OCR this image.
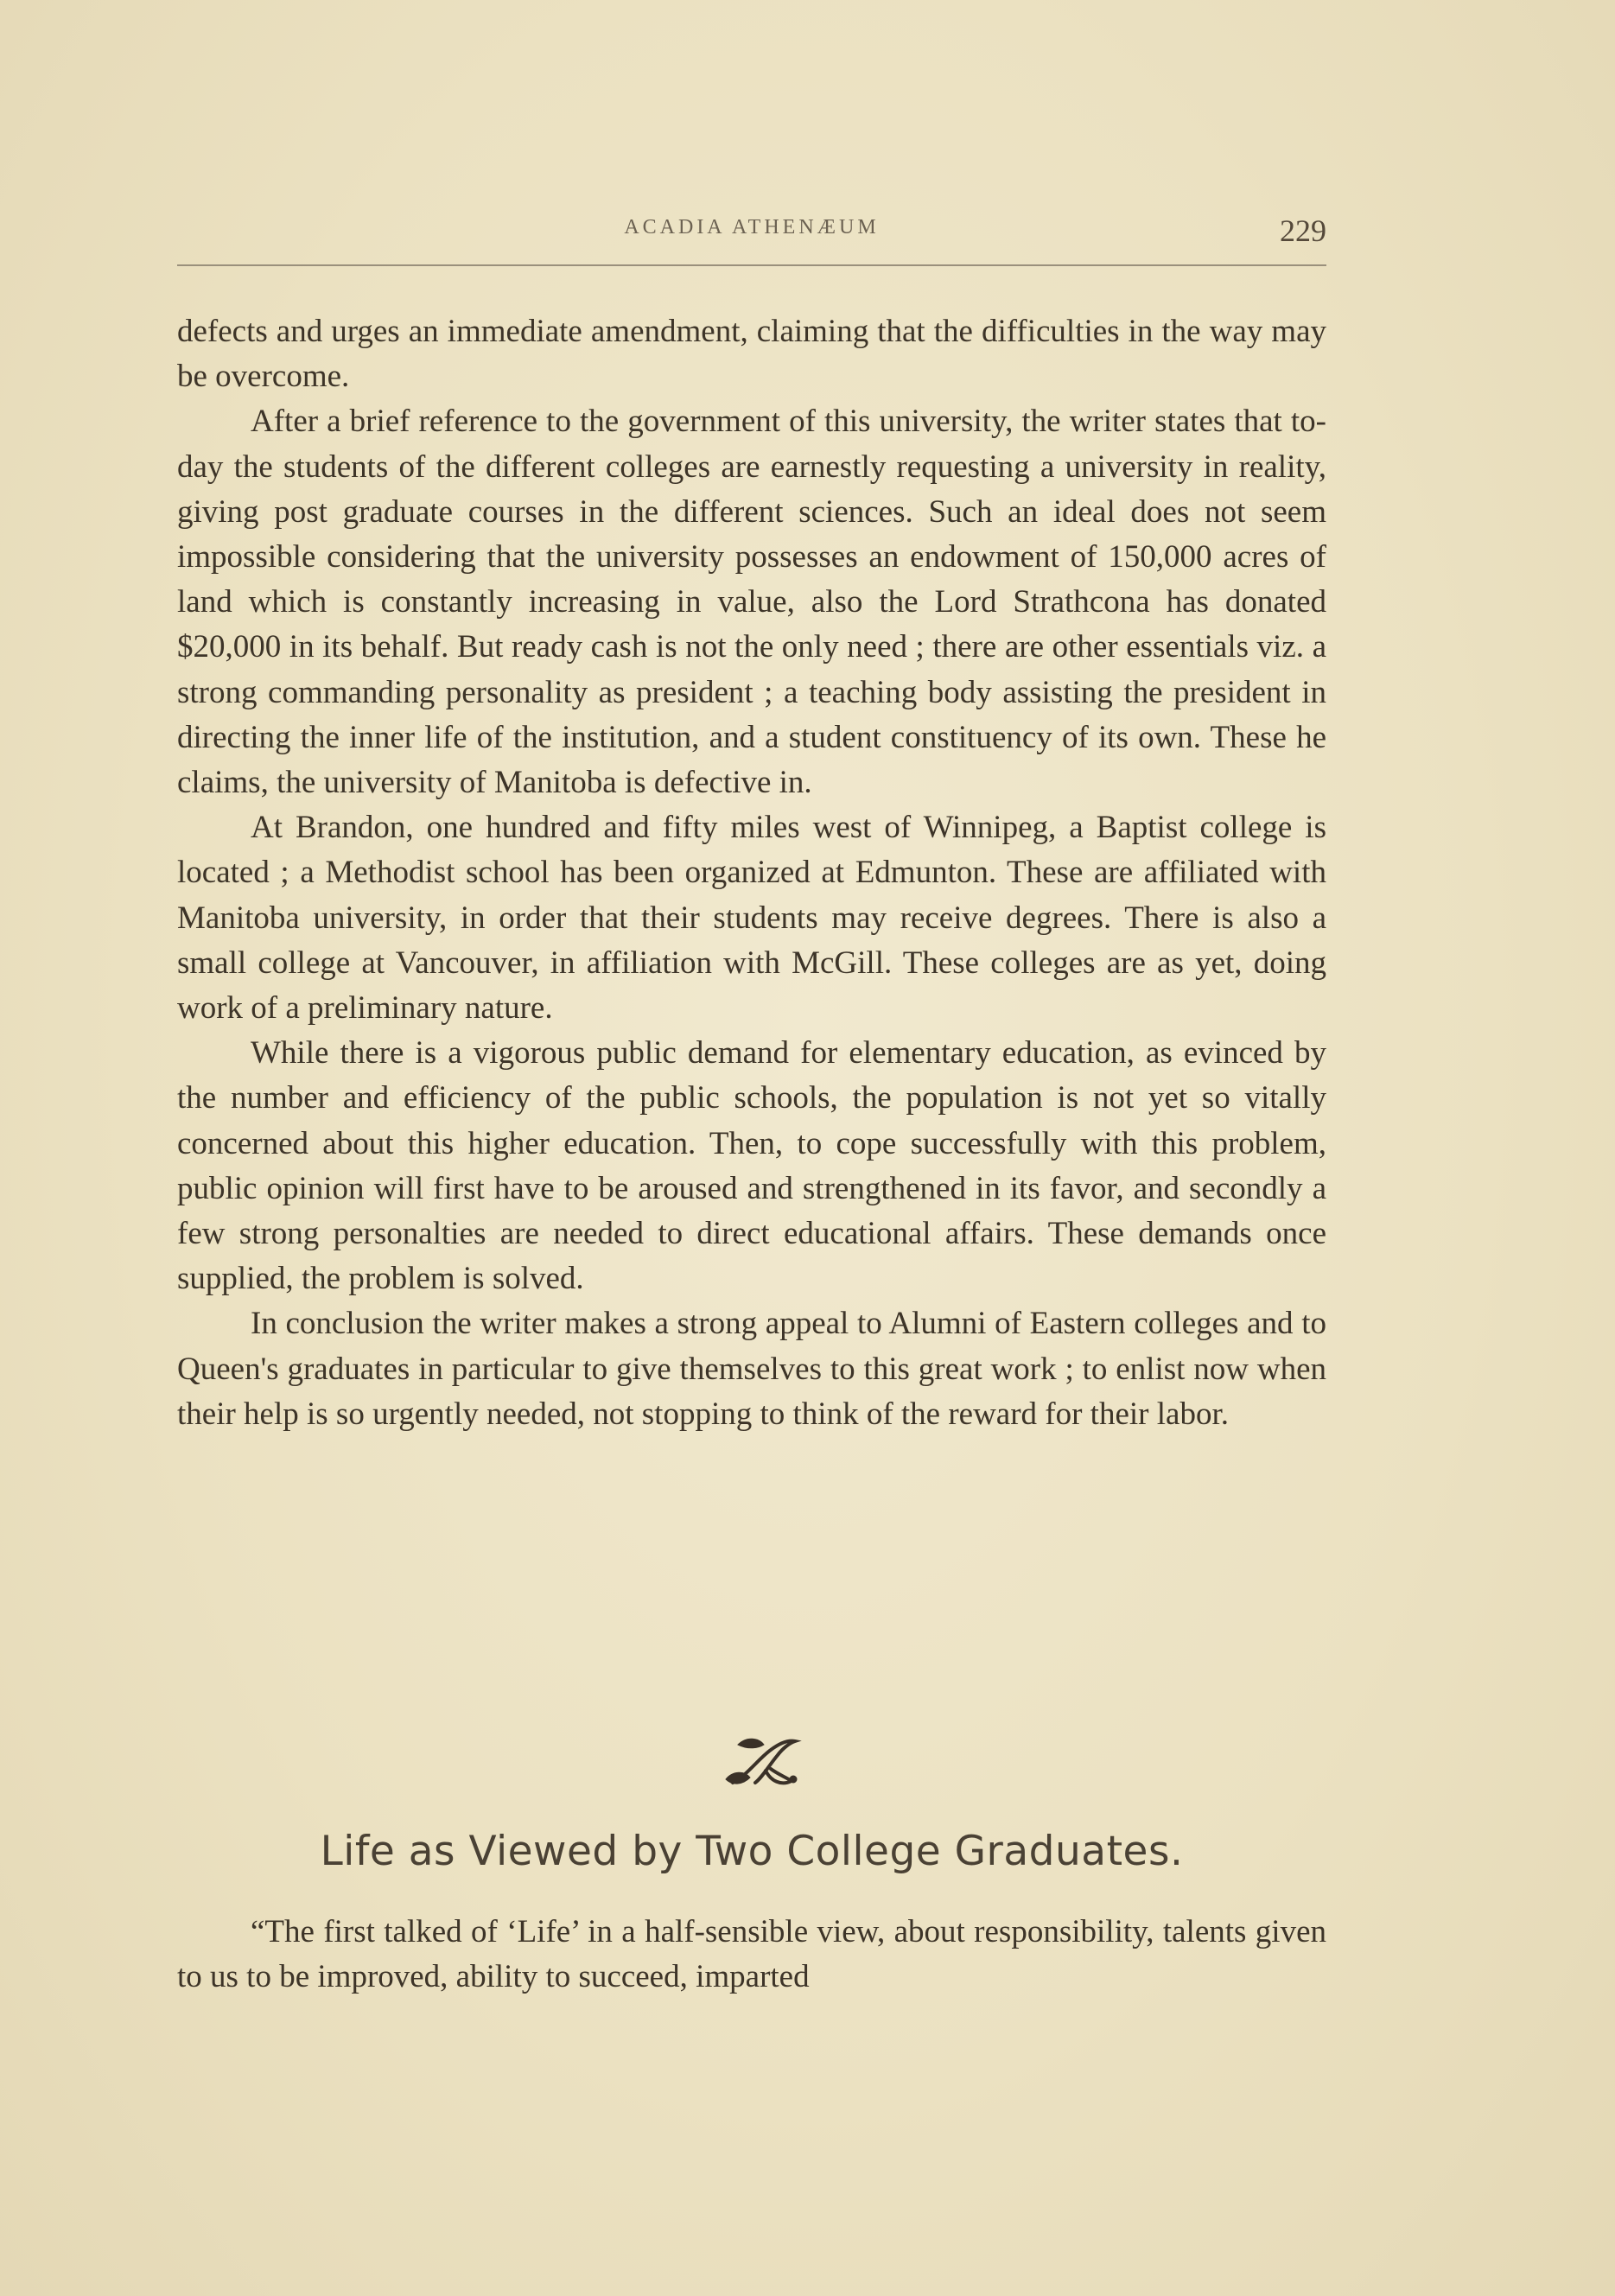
ACADIA ATHENÆUM	229

defects and urges an immediate amendment, claiming that the difficulties in the way may be overcome.

After a brief reference to the government of this university, the writer states that to-day the students of the different colleges are earnestly requesting a university in reality, giving post graduate courses in the different sciences. Such an ideal does not seem impossible considering that the university possesses an endowment of 150,000 acres of land which is constantly increasing in value, also the Lord Strathcona has donated $20,000 in its behalf. But ready cash is not the only need ; there are other essentials viz. a strong commanding personality as president ; a teaching body assisting the president in directing the inner life of the institution, and a student constituency of its own. These he claims, the university of Manitoba is defective in.

At Brandon, one hundred and fifty miles west of Winnipeg, a Baptist college is located ; a Methodist school has been organized at Edmunton. These are affiliated with Manitoba university, in order that their students may receive degrees. There is also a small college at Vancouver, in affiliation with McGill. These colleges are as yet, doing work of a preliminary nature.

While there is a vigorous public demand for elementary education, as evinced by the number and efficiency of the public schools, the population is not yet so vitally concerned about this higher education. Then, to cope successfully with this problem, public opinion will first have to be aroused and strengthened in its favor, and secondly a few strong personalties are needed to direct educational affairs. These demands once supplied, the problem is solved.

In conclusion the writer makes a strong appeal to Alumni of Eastern colleges and to Queen's graduates in particular to give themselves to this great work ; to enlist now when their help is so urgently needed, not stopping to think of the reward for their labor.

Life as Viewed by Two College Graduates.

“The first talked of ‘Life’ in a half-sensible view, about responsibility, talents given to us to be improved, ability to succeed, imparted
